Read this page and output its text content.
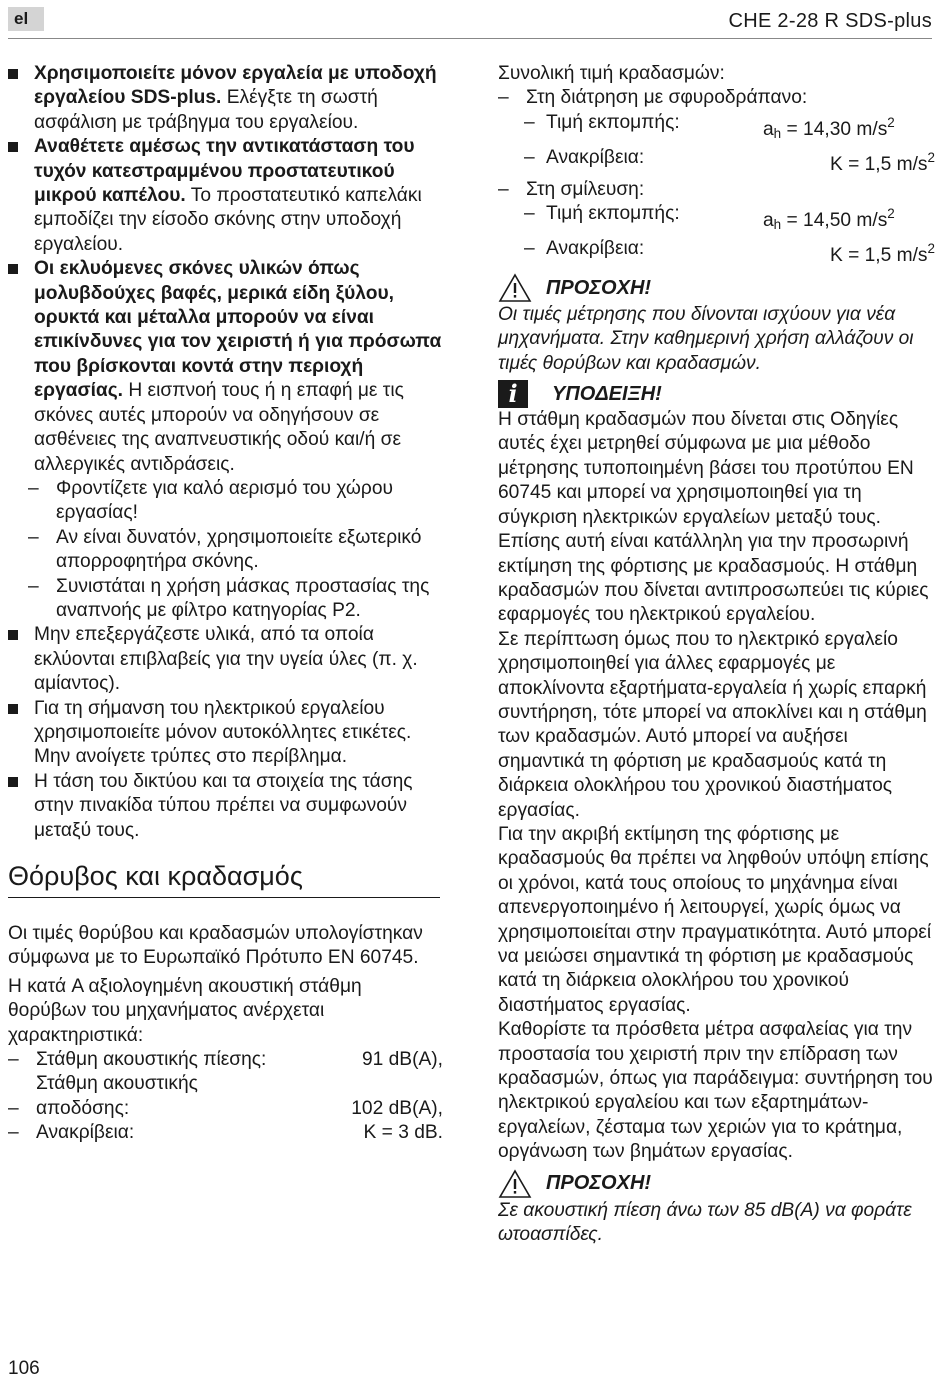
el	CHE 2-28 R SDS-plus
Χρησιμοποιείτε μόνον εργαλεία με υποδοχή εργαλείου SDS-plus. Ελέγξτε τη σωστή ασφάλιση με τράβηγμα του εργαλείου.
Αναθέτετε αμέσως την αντικατάσταση του τυχόν κατεστραμμένου προστατευτικού μικρού καπέλου. Το προστατευτικό καπελάκι εμποδίζει την είσοδο σκόνης στην υποδοχή εργαλείου.
Οι εκλυόμενες σκόνες υλικών όπως μολυβδούχες βαφές, μερικά είδη ξύλου, ορυκτά και μέταλλα μπορούν να είναι επικίνδυνες για τον χειριστή ή για πρόσωπα που βρίσκονται κοντά στην περιοχή εργασίας. Η εισπνοή τους ή η επαφή με τις σκόνες αυτές μπορούν να οδηγήσουν σε ασθένειες της αναπνευστικής οδού και/ή σε αλλεργικές αντιδράσεις.
– Φροντίζετε για καλό αερισμό του χώρου εργασίας!
– Αν είναι δυνατόν, χρησιμοποιείτε εξωτερικό απορροφητήρα σκόνης.
– Συνιστάται η χρήση μάσκας προστασίας της αναπνοής με φίλτρο κατηγορίας P2.
Μην επεξεργάζεστε υλικά, από τα οποία εκλύονται επιβλαβείς για την υγεία ύλες (π. χ. αμίαντος).
Για τη σήμανση του ηλεκτρικού εργαλείου χρησιμοποιείτε μόνον αυτοκόλλητες ετικέτες. Μην ανοίγετε τρύπες στο περίβλημα.
Η τάση του δικτύου και τα στοιχεία της τάσης στην πινακίδα τύπου πρέπει να συμφωνούν μεταξύ τους.
Θόρυβος και κραδασμός
Οι τιμές θορύβου και κραδασμών υπολογίστηκαν σύμφωνα με το Ευρωπαϊκό Πρότυπο EN 60745.
Η κατά A αξιολογημένη ακουστική στάθμη θορύβων του μηχανήματος ανέρχεται χαρακτηριστικά:
– Στάθμη ακουστικής πίεσης:	91 dB(A),
–
Στάθμη ακουστικής αποδόσης:	102 dB(A),
– Ανακρίβεια:	K = 3 dB.
Συνολική τιμή κραδασμών:
– Στη διάτρηση με σφυροδράπανο:
– Τιμή εκπομπής:	$a_h = 14,30$ $m/s^2$
– Ανακρίβεια:	K = 1,5 $m/s^2$
– Στη σμίλευση:
– Τιμή εκπομπής:	$a_h = 14,50$ $m/s^2$
– Ανακρίβεια:	K = 1,5 $m/s^2$
ΠΡΟΣΟΧΗ!
Οι τιμές μέτρησης που δίνονται ισχύουν για νέα μηχανήματα. Στην καθημερινή χρήση αλλάζουν οι τιμές θορύβων και κραδασμών.
i	ΥΠΟΔΕΙΞΗ!
Η στάθμη κραδασμών που δίνεται στις Οδηγίες αυτές έχει μετρηθεί σύμφωνα με μια μέθοδο μέτρησης τυποποιημένη βάσει του προτύπου EN 60745 και μπορεί να χρησιμοποιηθεί για τη σύγκριση ηλεκτρικών εργαλείων μεταξύ τους. Επίσης αυτή είναι κατάλληλη για την προσωρινή εκτίμηση της φόρτισης με κραδασμούς. Η στάθμη κραδασμών που δίνεται αντιπροσωπεύει τις κύριες εφαρμογές του ηλεκτρικού εργαλείου.
Σε περίπτωση όμως που το ηλεκτρικό εργαλείο χρησιμοποιηθεί για άλλες εφαρμογές με αποκλίνοντα εξαρτήματα-εργαλεία ή χωρίς επαρκή συντήρηση, τότε μπορεί να αποκλίνει και η στάθμη των κραδασμών. Αυτό μπορεί να αυξήσει σημαντικά τη φόρτιση με κραδασμούς κατά τη διάρκεια ολοκλήρου του χρονικού διαστήματος εργασίας.
Για την ακριβή εκτίμηση της φόρτισης με κραδασμούς θα πρέπει να ληφθούν υπόψη επίσης οι χρόνοι, κατά τους οποίους το μηχάνημα είναι απενεργοποιημένο ή λειτουργεί, χωρίς όμως να χρησιμοποιείται στην πραγματικότητα. Αυτό μπορεί να μειώσει σημαντικά τη φόρτιση με κραδασμούς κατά τη διάρκεια ολοκλήρου του χρονικού διαστήματος εργασίας.
Καθορίστε τα πρόσθετα μέτρα ασφαλείας για την προστασία του χειριστή πριν την επίδραση των κραδασμών, όπως για παράδειγμα: συντήρηση του ηλεκτρικού εργαλείου και των εξαρτημάτων-εργαλείων, ζέσταμα των χεριών για το κράτημα, οργάνωση των βημάτων εργασίας.
ΠΡΟΣΟΧΗ!
Σε ακουστική πίεση άνω των 85 dB(A) να φοράτε ωτοασπίδες.
106
